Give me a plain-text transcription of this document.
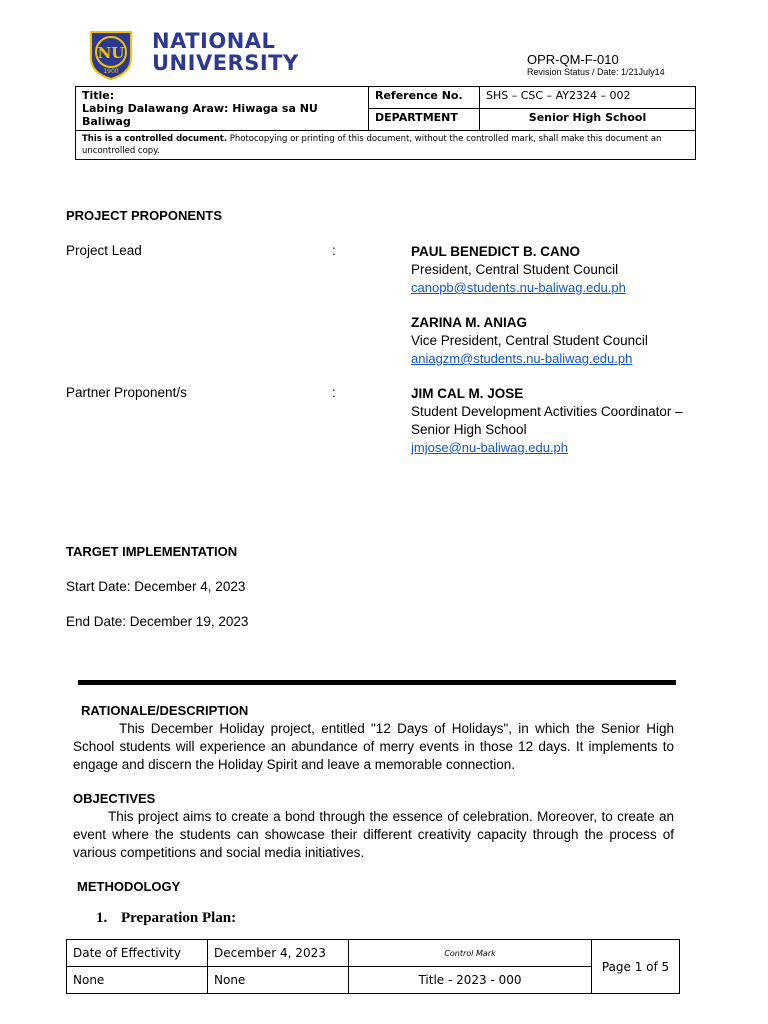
NU
1900
NATIONAL
UNIVERSITY	OPR-QM-F-010
Revision Status / Date: 1/21July14
Title:
Labing Dalawang Araw: Hiwaga sa NU Baliwag	Reference No.	SHS – CSC – AY2324 – 002
	DEPARTMENT	Senior High School
This is a controlled document. Photocopying or printing of this document, without the controlled mark, shall make this document an uncontrolled copy.		
PROJECT PROPONENTS
Project Lead	:	PAUL BENEDICT B. CANO
President, Central Student Council
canopb@students.nu-baliwag.edu.ph
ZARINA M. ANIAG
Vice President, Central Student Council
aniagzm@students.nu-baliwag.edu.ph
Partner Proponent/s	:	JIM CAL M. JOSE
Student Development Activities Coordinator –
Senior High School
jmjose@nu-baliwag.edu.ph
TARGET IMPLEMENTATION
Start Date: December 4, 2023
End Date: December 19, 2023
RATIONALE/DESCRIPTION
This December Holiday project, entitled "12 Days of Holidays", in which the Senior High School students will experience an abundance of merry events in those 12 days. It implements to engage and discern the Holiday Spirit and leave a memorable connection.
OBJECTIVES
This project aims to create a bond through the essence of celebration. Moreover, to create an event where the students can showcase their different creativity capacity through the process of various competitions and social media initiatives.
METHODOLOGY
1. Preparation Plan:
Date of Effectivity	December 4, 2023	Control Mark	Page 1 of 5
None	None	Title - 2023 - 000	
